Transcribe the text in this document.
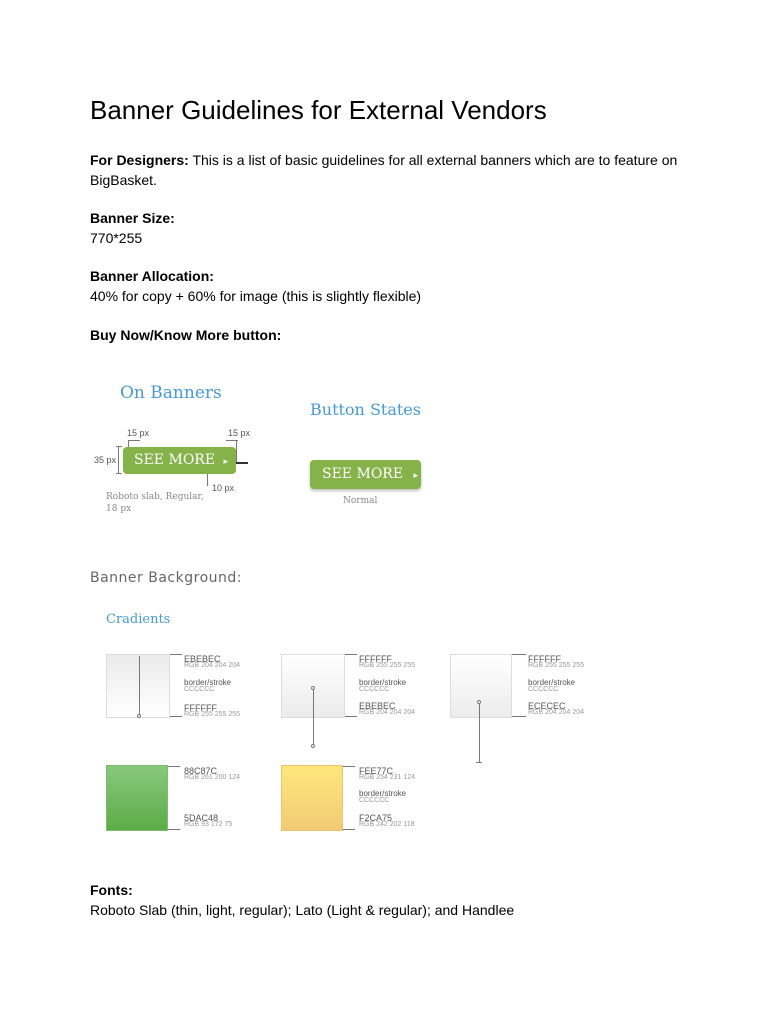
Banner Guidelines for External Vendors
For Designers: This is a list of basic guidelines for all external banners which are to feature on BigBasket.
Banner Size:
770*255
Banner Allocation:
40% for copy + 60% for image (this is slightly flexible)
Buy Now/Know More button:
On Banners
Button States
15 px	15 px
35 px
10 px
SEE MORE ▸
Roboto slab, Regular,
18 px
SEE MORE ▸
Normal
Banner Background:
Cradients
EBEBEC
RGB 204 204 204
border/stroke
CCCCCC
FFFFFF
RGB 255 255 255
FFFFFF
RGB 255 255 255
border/stroke
CCCCCC
EBEBEC
RGB 204 204 204
FFFFFF
RGB 255 255 255
border/stroke
CCCCCC
ECECEC
RGB 204 204 204
88C87C
RGB 261 200 124
5DAC48
RGB 93 172 75
FEE77C
RGB 254 231 124
border/stroke
CCCCCC
F2CA75
RGB 242 202 118
Fonts:
Roboto Slab (thin, light, regular); Lato (Light & regular); and Handlee
